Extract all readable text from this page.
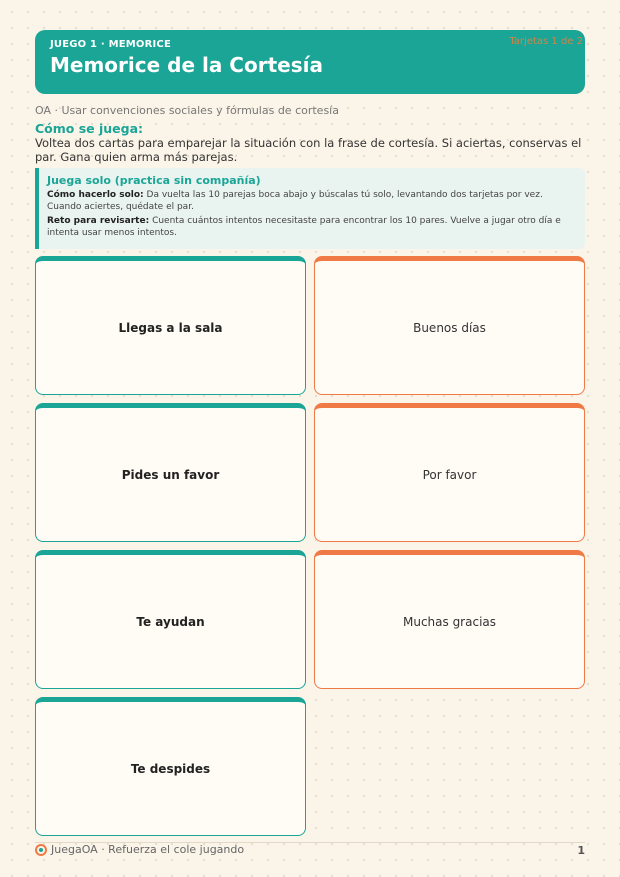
JUEGO 1 · MEMORICE
Memorice de la Cortesía
Tarjetas 1 de 2
OA · Usar convenciones sociales y fórmulas de cortesía
Cómo se juega:
Voltea dos cartas para emparejar la situación con la frase de cortesía. Si aciertas, conservas el par. Gana quien arma más parejas.
Juega solo (practica sin compañía)

Cómo hacerlo solo: Da vuelta las 10 parejas boca abajo y búscalas tú solo, levantando dos tarjetas por vez. Cuando aciertes, quédate el par.

Reto para revisarte: Cuenta cuántos intentos necesitaste para encontrar los 10 pares. Vuelve a jugar otro día e intenta usar menos intentos.

Llegas a la sala	Buenos días
Pides un favor	Por favor
Te ayudan	Muchas gracias
Te despides
JuegaOA · Refuerza el cole jugando	1
